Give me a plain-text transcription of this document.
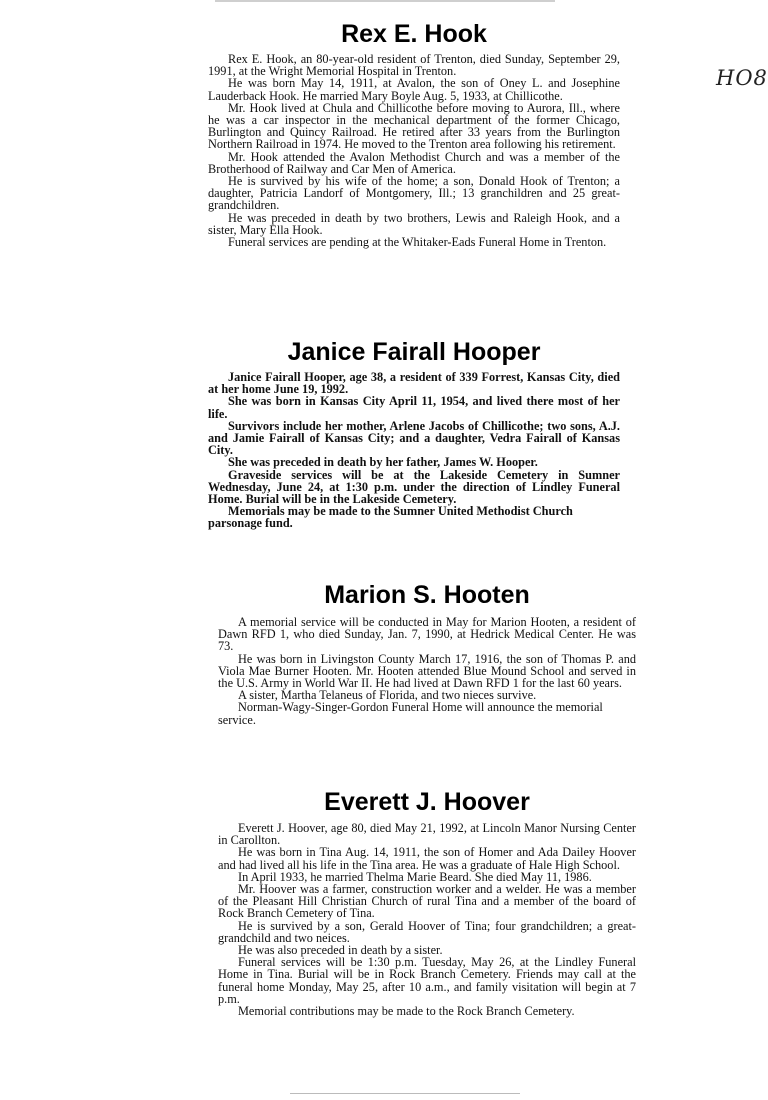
HO8
Rex E. Hook

Rex E. Hook, an 80-year-old resident of Trenton, died Sunday, September 29, 1991, at the Wright Memorial Hospital in Trenton.

He was born May 14, 1911, at Avalon, the son of Oney L. and Josephine Lauderback Hook. He married Mary Boyle Aug. 5, 1933, at Chillicothe.

Mr. Hook lived at Chula and Chillicothe before moving to Aurora, Ill., where he was a car inspector in the mechanical department of the former Chicago, Burlington and Quincy Railroad. He retired after 33 years from the Burlington Northern Railroad in 1974. He moved to the Trenton area following his retirement.

Mr. Hook attended the Avalon Methodist Church and was a member of the Brotherhood of Railway and Car Men of America.

He is survived by his wife of the home; a son, Donald Hook of Trenton; a daughter, Patricia Landorf of Montgomery, Ill.; 13 granchildren and 25 great-grandchildren.

He was preceded in death by two brothers, Lewis and Raleigh Hook, and a sister, Mary Ella Hook.

Funeral services are pending at the Whitaker-Eads Funeral Home in Trenton.

Janice Fairall Hooper

Janice Fairall Hooper, age 38, a resident of 339 Forrest, Kansas City, died at her home June 19, 1992.

She was born in Kansas City April 11, 1954, and lived there most of her life.

Survivors include her mother, Arlene Jacobs of Chillicothe; two sons, A.J. and Jamie Fairall of Kansas City; and a daughter, Vedra Fairall of Kansas City.

She was preceded in death by her father, James W. Hooper.

Graveside services will be at the Lakeside Cemetery in Sumner Wednesday, June 24, at 1:30 p.m. under the direction of Lindley Funeral Home. Burial will be in the Lakeside Cemetery.

Memorials may be made to the Sumner United Methodist Church parsonage fund.

Marion S. Hooten

A memorial service will be conducted in May for Marion Hooten, a resident of Dawn RFD 1, who died Sunday, Jan. 7, 1990, at Hedrick Medical Center. He was 73.

He was born in Livingston County March 17, 1916, the son of Thomas P. and Viola Mae Burner Hooten. Mr. Hooten attended Blue Mound School and served in the U.S. Army in World War II. He had lived at Dawn RFD 1 for the last 60 years.

A sister, Martha Telaneus of Florida, and two nieces survive.

Norman-Wagy-Singer-Gordon Funeral Home will announce the memorial service.

Everett J. Hoover

Everett J. Hoover, age 80, died May 21, 1992, at Lincoln Manor Nursing Center in Carollton.

He was born in Tina Aug. 14, 1911, the son of Homer and Ada Dailey Hoover and had lived all his life in the Tina area. He was a graduate of Hale High School.

In April 1933, he married Thelma Marie Beard. She died May 11, 1986.

Mr. Hoover was a farmer, construction worker and a welder. He was a member of the Pleasant Hill Christian Church of rural Tina and a member of the board of Rock Branch Cemetery of Tina.

He is survived by a son, Gerald Hoover of Tina; four grandchildren; a great-grandchild and two neices.

He was also preceded in death by a sister.

Funeral services will be 1:30 p.m. Tuesday, May 26, at the Lindley Funeral Home in Tina. Burial will be in Rock Branch Cemetery. Friends may call at the funeral home Monday, May 25, after 10 a.m., and family visitation will begin at 7 p.m.

Memorial contributions may be made to the Rock Branch Cemetery.
